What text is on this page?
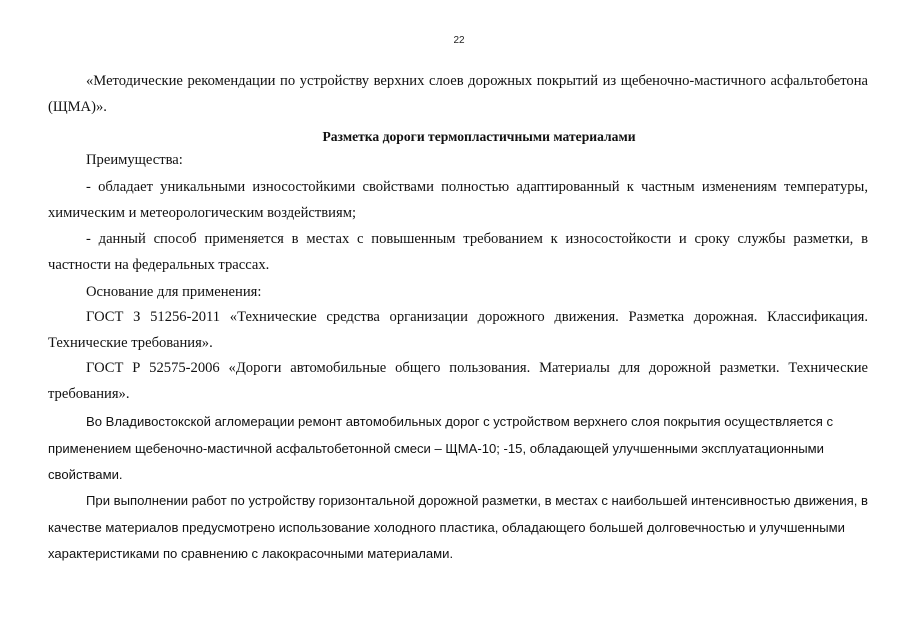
22

«Методические рекомендации по устройству верхних слоев дорожных покрытий из щебеночно-мастичного асфальтобетона (ЩМА)».

Разметка дороги термопластичными материалами

Преимущества:

- обладает уникальными износостойкими свойствами полностью адаптированный к частным изменениям температуры, химическим и метеорологическим воздействиям;

- данный способ применяется в местах с повышенным требованием к износостойкости и сроку службы разметки, в частности на федеральных трассах.

Основание для применения:

ГОСТ З 51256-2011 «Технические средства организации дорожного движения. Разметка дорожная. Классификация. Технические требования».

ГОСТ Р 52575-2006 «Дороги автомобильные общего пользования. Материалы для дорожной разметки. Технические требования».

Во Владивостокской агломерации ремонт автомобильных дорог с устройством верхнего слоя покрытия осуществляется с применением щебеночно-мастичной асфальтобетонной смеси – ЩМА-10; -15, обладающей улучшенными эксплуатационными свойствами.

При выполнении работ по устройству горизонтальной дорожной разметки, в местах с наибольшей интенсивностью движения, в качестве материалов предусмотрено использование холодного пластика, обладающего большей долговечностью и улучшенными характеристиками по сравнению с лакокрасочными материалами.
